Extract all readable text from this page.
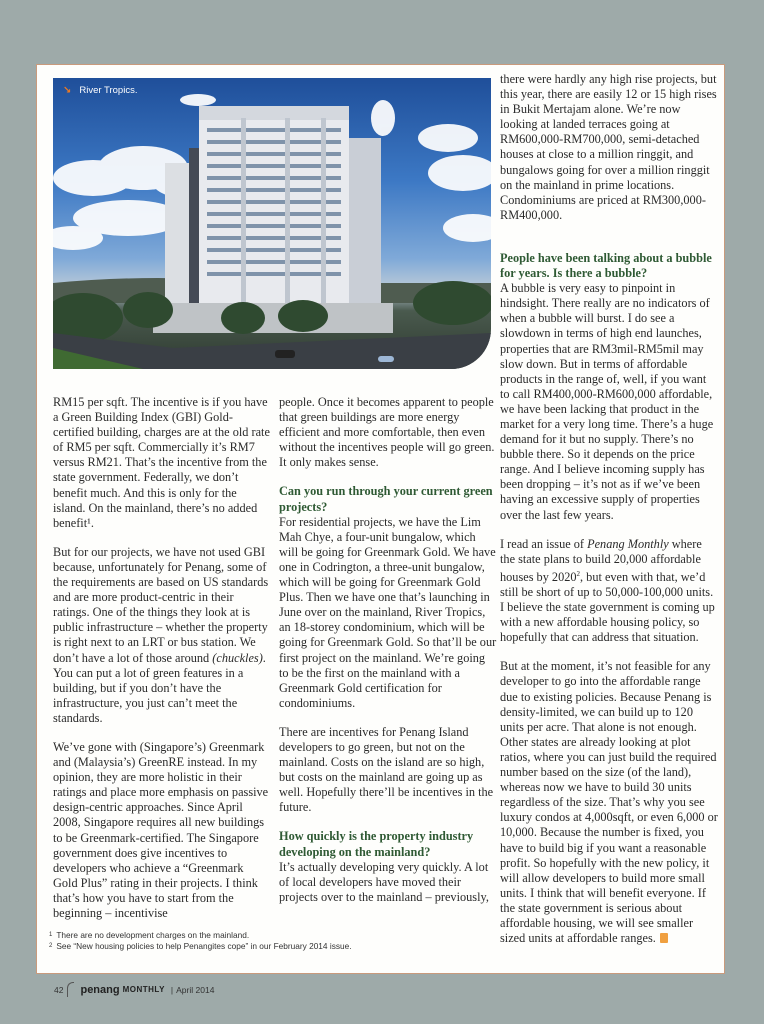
↘ River Tropics.

RM15 per sqft. The incentive is if you have a Green Building Index (GBI) Gold-certified building, charges are at the old rate of RM5 per sqft. Commercially it’s RM7 versus RM21. That’s the incentive from the state government. Federally, we don’t benefit much. And this is only for the island. On the mainland, there’s no added benefit¹.

But for our projects, we have not used GBI because, unfortunately for Penang, some of the requirements are based on US standards and are more product-centric in their ratings. One of the things they look at is public infrastructure – whether the property is right next to an LRT or bus station. We don’t have a lot of those around (chuckles). You can put a lot of green features in a building, but if you don’t have the infrastructure, you just can’t meet the standards.

We’ve gone with (Singapore’s) Greenmark and (Malaysia’s) GreenRE instead. In my opinion, they are more holistic in their ratings and place more emphasis on passive design-centric approaches. Since April 2008, Singapore requires all new buildings to be Greenmark-certified. The Singapore government does give incentives to developers who achieve a “Greenmark Gold Plus” rating in their projects. I think that’s how you have to start from the beginning – incentivise

people. Once it becomes apparent to people that green buildings are more energy efficient and more comfortable, then even without the incentives people will go green. It only makes sense.

Can you run through your current green projects?

For residential projects, we have the Lim Mah Chye, a four-unit bungalow, which will be going for Greenmark Gold. We have one in Codrington, a three-unit bungalow, which will be going for Greenmark Gold Plus. Then we have one that’s launching in June over on the mainland, River Tropics, an 18-storey condominium, which will be going for Greenmark Gold. So that’ll be our first project on the mainland. We’re going to be the first on the mainland with a Greenmark Gold certification for condominiums.

There are incentives for Penang Island developers to go green, but not on the mainland. Costs on the island are so high, but costs on the mainland are going up as well. Hopefully there’ll be incentives in the future.

How quickly is the property industry developing on the mainland?

It’s actually developing very quickly. A lot of local developers have moved their projects over to the mainland – previously,

there were hardly any high rise projects, but this year, there are easily 12 or 15 high rises in Bukit Mertajam alone. We’re now looking at landed terraces going at RM600,000-RM700,000, semi-detached houses at close to a million ringgit, and bungalows going for over a million ringgit on the mainland in prime locations. Condominiums are priced at RM300,000-RM400,000.

People have been talking about a bubble for years. Is there a bubble?

A bubble is very easy to pinpoint in hindsight. There really are no indicators of when a bubble will burst. I do see a slowdown in terms of high end launches, properties that are RM3mil-RM5mil may slow down. But in terms of affordable products in the range of, well, if you want to call RM400,000-RM600,000 affordable, we have been lacking that product in the market for a very long time. There’s a huge demand for it but no supply. There’s no bubble there. So it depends on the price range. And I believe incoming supply has been dropping – it’s not as if we’ve been having an excessive supply of properties over the last few years.

I read an issue of Penang Monthly where the state plans to build 20,000 affordable houses by 2020$^2$, but even with that, we’d still be short of up to 50,000-100,000 units. I believe the state government is coming up with a new affordable housing policy, so hopefully that can address that situation.

But at the moment, it’s not feasible for any developer to go into the affordable range due to existing policies. Because Penang is density-limited, we can build up to 120 units per acre. That alone is not enough. Other states are already looking at plot ratios, where you can just build the required number based on the size (of the land), whereas now we have to build 30 units regardless of the size. That’s why you see luxury condos at 4,000sqft, or even 6,000 or 10,000. Because the number is fixed, you have to build big if you want a reasonable profit. So hopefully with the new policy, it will allow developers to build more small units. I think that will benefit everyone. If the state government is serious about affordable housing, we will see smaller sized units at affordable ranges.

$^1$ There are no development charges on the mainland.
$^2$ See “New housing policies to help Penangites cope” in our February 2014 issue.
42 penang MONTHLY | April 2014
